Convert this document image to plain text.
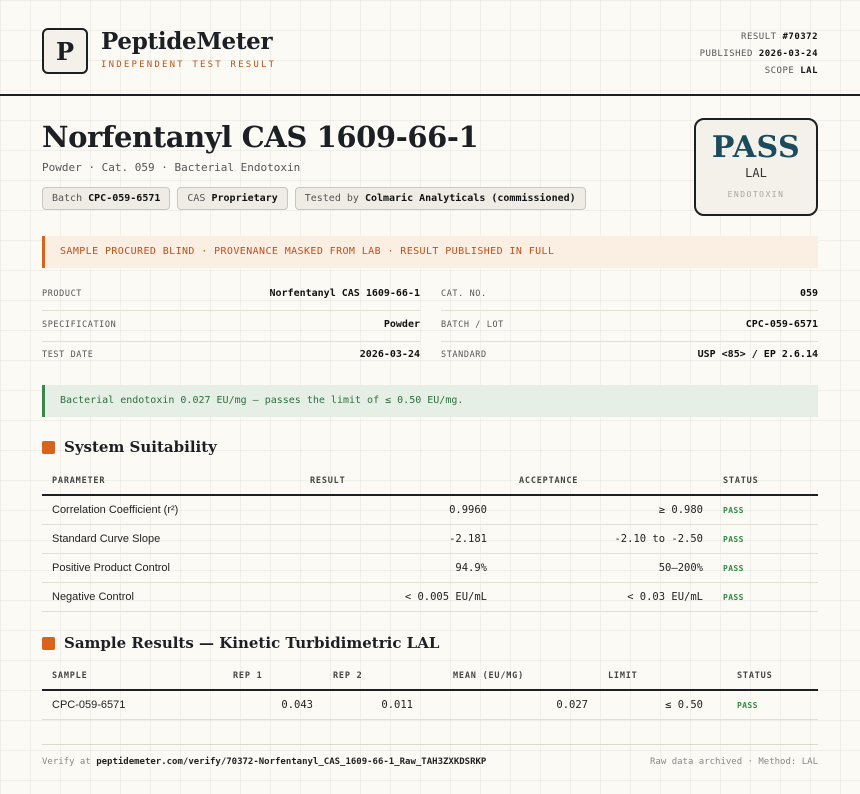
P	PeptideMeter
INDEPENDENT TEST RESULT
RESULT #70372
PUBLISHED 2026-03-24
SCOPE LAL
Norfentanyl CAS 1609-66-1
Powder · Cat. 059 · Bacterial Endotoxin
Batch CPC-059-6571	CAS Proprietary	Tested by Colmaric Analyticals (commissioned)
PASS
LAL
ENDOTOXIN
SAMPLE PROCURED BLIND · PROVENANCE MASKED FROM LAB · RESULT PUBLISHED IN FULL
PRODUCT	Norfentanyl CAS 1609-66-1 CAT. NO.	059
SPECIFICATION	Powder BATCH / LOT	CPC-059-6571
TEST DATE	2026-03-24 STANDARD	USP <85> / EP 2.6.14
Bacterial endotoxin 0.027 EU/mg — passes the limit of ≤ 0.50 EU/mg.
System Suitability
PARAMETER	RESULT	ACCEPTANCE	STATUS
Correlation Coefficient (r²)	0.9960	≥ 0.980	PASS
Standard Curve Slope	-2.181	-2.10 to -2.50	PASS
Positive Product Control	94.9%	50–200%	PASS
Negative Control	< 0.005 EU/mL	< 0.03 EU/mL	PASS
Sample Results — Kinetic Turbidimetric LAL
SAMPLE	REP 1	REP 2	MEAN (EU/MG)	LIMIT	STATUS
CPC-059-6571	0.043	0.011	0.027	≤ 0.50	PASS
Verify at peptidemeter.com/verify/70372-Norfentanyl_CAS_1609-66-1_Raw_TAH3ZXKDSRKP	Raw data archived · Method: LAL
